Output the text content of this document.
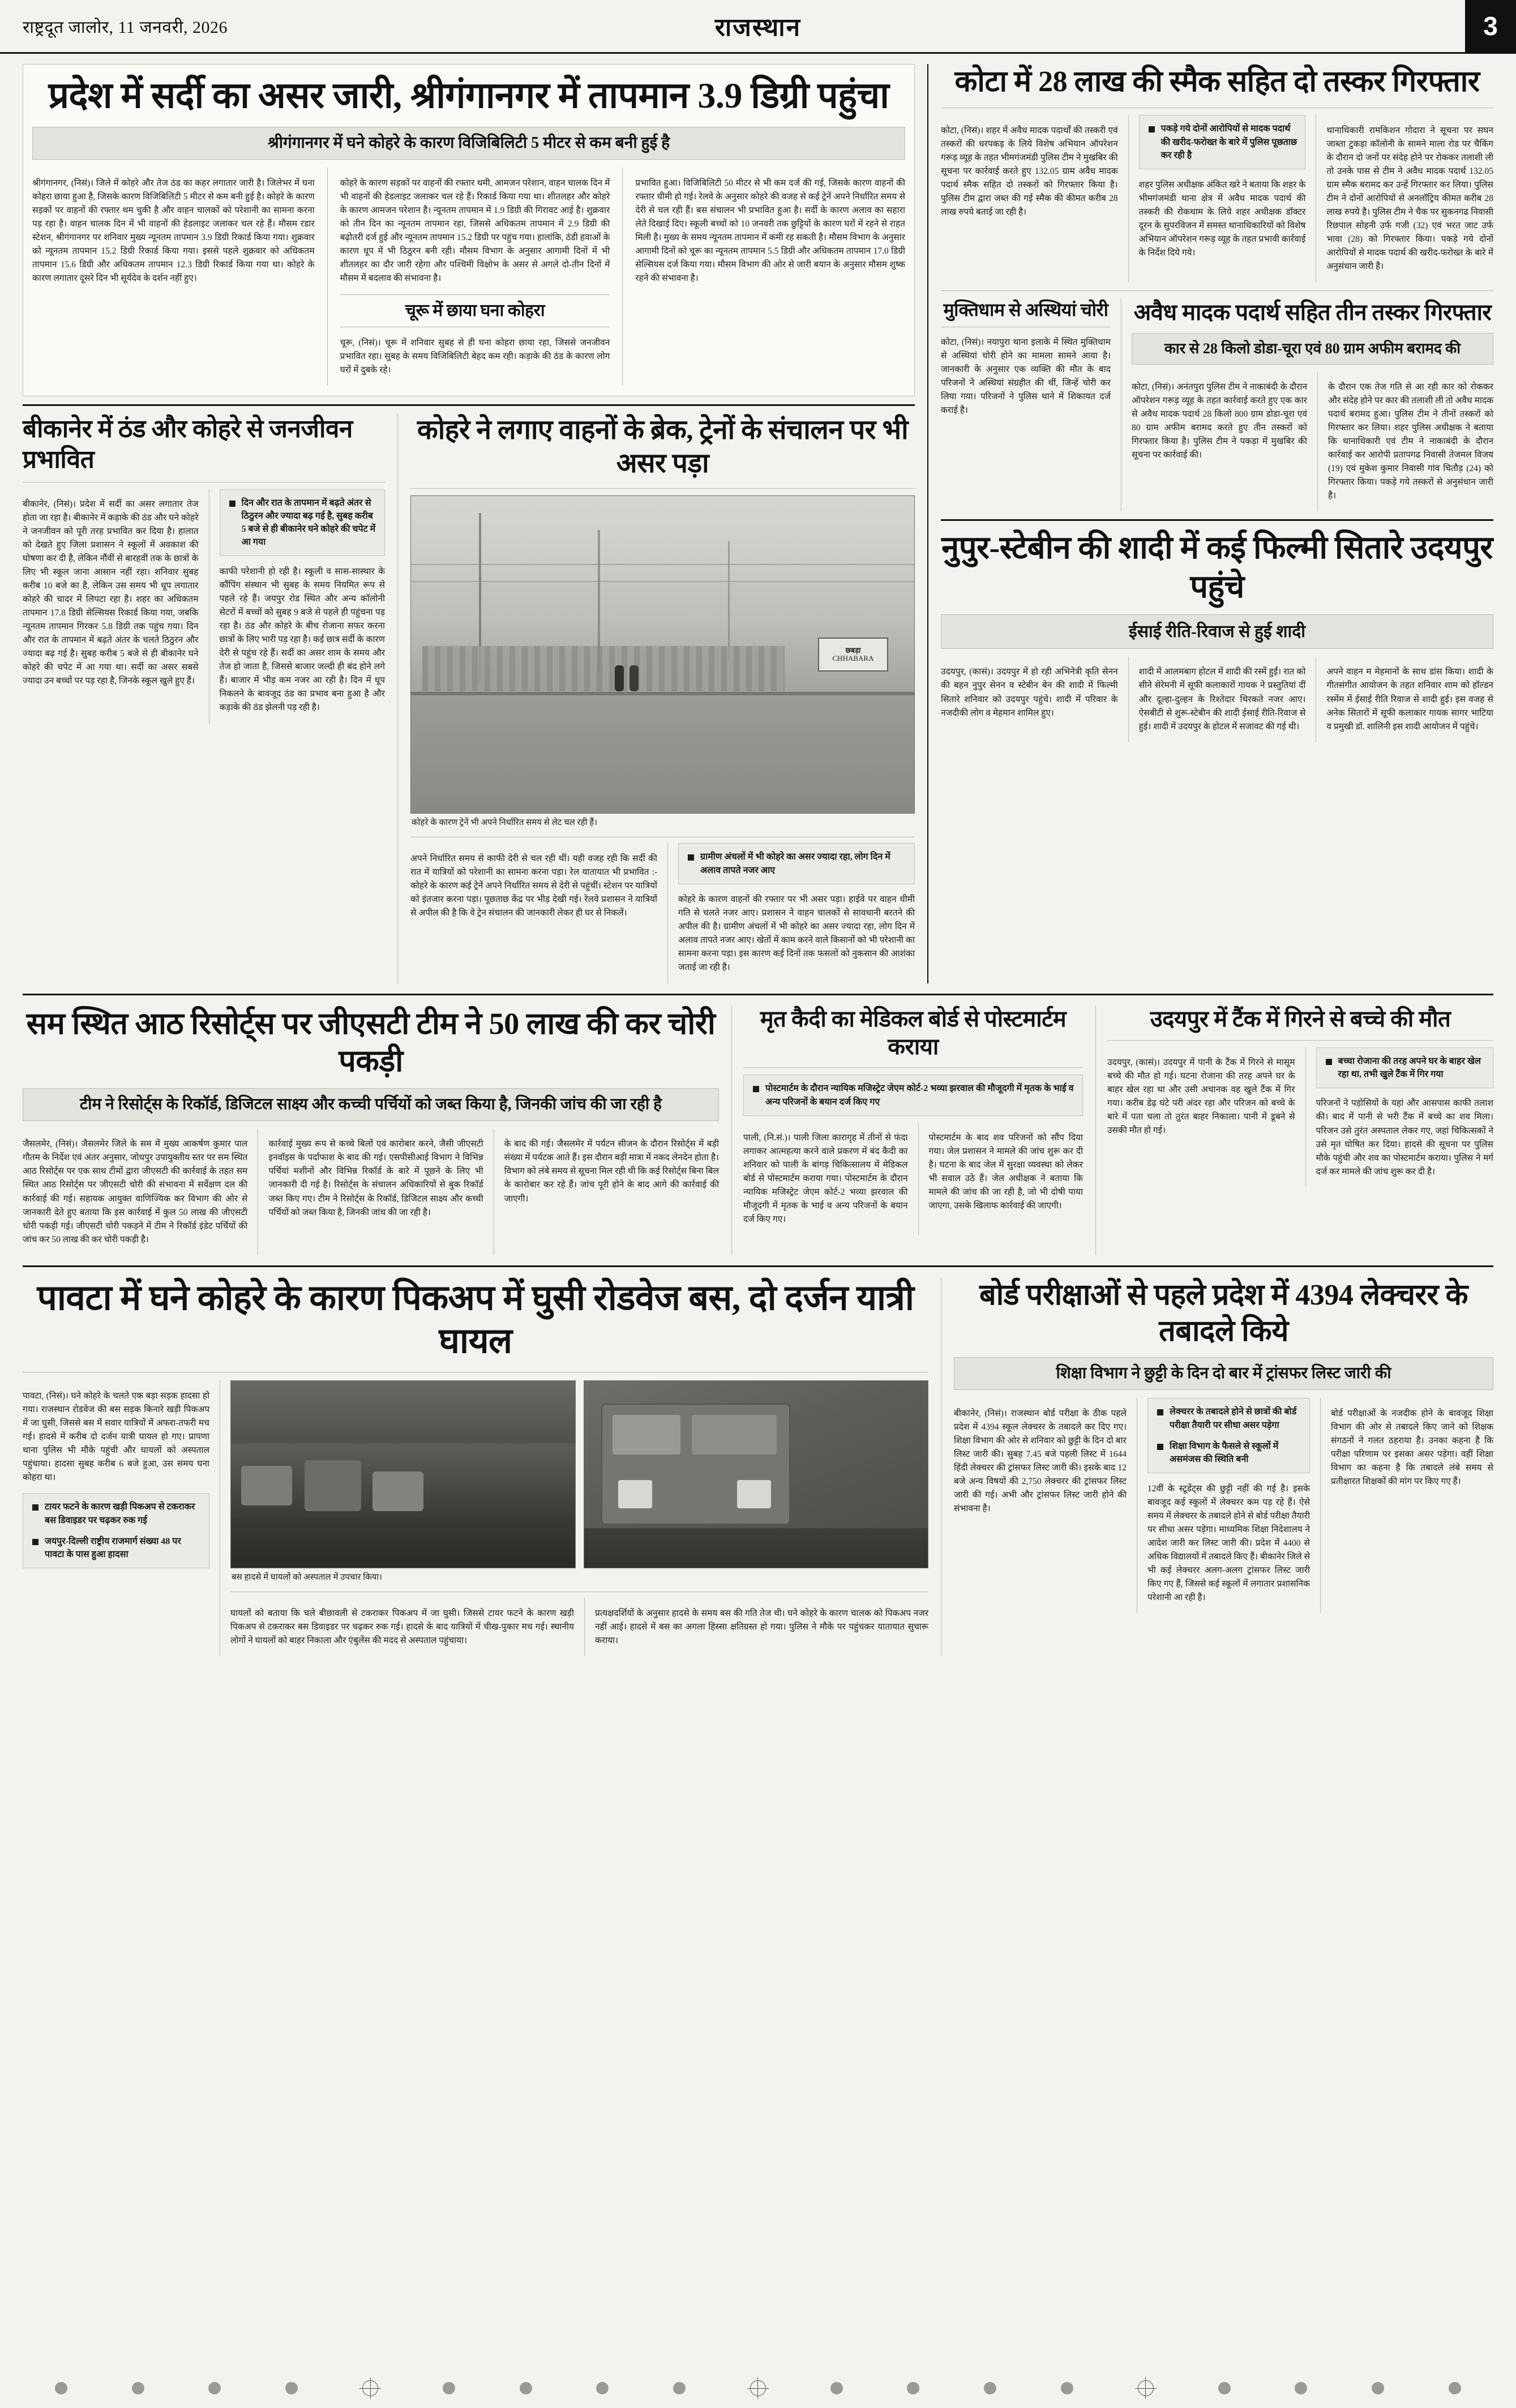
राष्ट्रदूत जालोर, 11 जनवरी, 2026	राजस्थान	3
प्रदेश में सर्दी का असर जारी, श्रीगंगानगर में तापमान 3.9 डिग्री पहुंचा
श्रीगंगानगर में घने कोहरे के कारण विजिबिलिटी 5 मीटर से कम बनी हुई है

श्रीगंगानगर, (निसं)। जिले में कोहरे और तेज ठंड का कहर लगातार जारी है। जिलेभर में घना कोहरा छाया हुआ है, जिसके कारण विजिबिलिटी 5 मीटर से कम बनी हुई है। कोहरे के कारण सड़कों पर वाहनों की रफ्तार थम चुकी है और वाहन चालकों को परेशानी का सामना करना पड़ रहा है। वाहन चालक दिन में भी वाहनों की हेडलाइट जलाकर चल रहे हैं। मौसम रडार स्टेशन, श्रीगंगानगर पर शनिवार मुख्य न्यूनतम तापमान 3.9 डिग्री रिकार्ड किया गया। शुक्रवार को न्यूनतम तापमान 15.2 डिग्री रिकार्ड किया गया। इससे पहले शुक्रवार को अधिकतम तापमान 15.6 डिग्री और अधिकतम तापमान 12.3 डिग्री रिकार्ड किया गया था। कोहरे के कारण लगातार दूसरे दिन भी सूर्यदेव के दर्शन नहीं हुए।

कोहरे के कारण सड़कों पर वाहनों की रफ्तार थमी, आमजन परेशान, वाहन चालक दिन में भी वाहनों की हेडलाइट जलाकर चल रहे हैं। रिकार्ड किया गया था। शीतलहर और कोहरे के कारण आमजन परेशान है। न्यूनतम तापमान में 1.9 डिग्री की गिरावट आई है। शुक्रवार को तीन दिन का न्यूनतम तापमान रहा, जिससे अधिकतम तापमान में 2.9 डिग्री की बढ़ोतरी दर्ज हुई और न्यूनतम तापमान 15.2 डिग्री पर पहुंच गया। हालांकि, ठंडी हवाओं के कारण धूप में भी ठिठुरन बनी रही। मौसम विभाग के अनुसार आगामी दिनों में भी शीतलहर का दौर जारी रहेगा और पश्चिमी विक्षोभ के असर से अगले दो-तीन दिनों में मौसम में बदलाव की संभावना है।

चूरू में छाया घना कोहरा

चूरू, (निसं)। चूरू में शनिवार सुबह से ही घना कोहरा छाया रहा, जिससे जनजीवन प्रभावित रहा। सुबह के समय विजिबिलिटी बेहद कम रही। कड़ाके की ठंड के कारण लोग घरों में दुबके रहे।

प्रभावित हुआ। विजिबिलिटी 50 मीटर से भी कम दर्ज की गई, जिसके कारण वाहनों की रफ्तार धीमी हो गई। रेलवे के अनुसार कोहरे की वजह से कई ट्रेनें अपने निर्धारित समय से देरी से चल रही हैं। बस संचालन भी प्रभावित हुआ है। सर्दी के कारण अलाव का सहारा लेते दिखाई दिए। स्कूली बच्चों को 10 जनवरी तक छुट्टियों के कारण घरों में रहने से राहत मिली है। मुख्य के समय न्यूनतम तापमान में कमी रह सकती है। मौसम विभाग के अनुसार आगामी दिनों को चूरू का न्यूनतम तापमान 5.5 डिग्री और अधिकतम तापमान 17.0 डिग्री सेल्सियस दर्ज किया गया। मौसम विभाग की ओर से जारी बयान के अनुसार मौसम शुष्क रहने की संभावना है।

बीकानेर में ठंड और कोहरे से जनजीवन प्रभावित

बीकानेर, (निसं)। प्रदेश में सर्दी का असर लगातार तेज होता जा रहा है। बीकानेर में कड़ाके की ठंड और घने कोहरे ने जनजीवन को पूरी तरह प्रभावित कर दिया है। हालात को देखते हुए जिला प्रशासन ने स्कूलों में अवकाश की घोषणा कर दी है, लेकिन नौंवीं से बारहवीं तक के छात्रों के लिए भी स्कूल जाना आसान नहीं रहा। शनिवार सुबह करीब 10 बजे का है, लेकिन उस समय भी धूप लगातार कोहरे की चादर में लिपटा रहा है। शहर का अधिकतम तापमान 17.8 डिग्री सेल्सियस रिकार्ड किया गया, जबकि न्यूनतम तापमान गिरकर 5.8 डिग्री तक पहुंच गया। दिन और रात के तापमान में बढ़ते अंतर के चलते ठिठुरन और ज्यादा बढ़ गई है। सुबह करीब 5 बजे से ही बीकानेर घने कोहरे की चपेट में आ गया था। सर्दी का असर सबसे ज्यादा उन बच्चों पर पड़ रहा है, जिनके स्कूल खुले हुए हैं।

दिन और रात के तापमान में बढ़ते अंतर से ठिठुरन और ज्यादा बढ़ गई है, सुबह करीब 5 बजे से ही बीकानेर घने कोहरे की चपेट में आ गया

काफी परेशानी हो रही है। स्कूली व सास-सास्थार के कौंपिंग संस्थान भी सुबह के समय नियमित रूप से पहले रहे हैं। जयपुर रोड स्थित और अन्य कॉलोनी सेटरों में बच्चों को सुबह 9 बजे से पहले ही पहुंचना पड़ रहा है। ठंड और कोहरे के बीच रोजाना सफर करना छात्रों के लिए भारी पड़ रहा है। कई छात्र सर्दी के कारण देरी से पहुंच रहे हैं। सर्दी का असर शाम के समय और तेज हो जाता है, जिससे बाजार जल्दी ही बंद होने लगे हैं। बाजार में भीड़ कम नजर आ रही है। दिन में धूप निकलने के बावजूद ठंड का प्रभाव बना हुआ है और कड़ाके की ठंड झेलनी पड़ रही है।

कोहरे ने लगाए वाहनों के ब्रेक, ट्रेनों के संचालन पर भी असर पड़ा
छबड़ा
CHHABARA
कोहरे के कारण ट्रेनें भी अपने निर्धारित समय से लेट चल रही हैं।

अपने निर्धारित समय से काफी देरी से चल रही थीं। यही वजह रही कि सर्दी की रात में यात्रियों को परेशानी का सामना करना पड़ा। रेल यातायात भी प्रभावित :- कोहरे के कारण कई ट्रेनें अपने निर्धारित समय से देरी से पहुंचीं। स्टेशन पर यात्रियों को इंतजार करना पड़ा। पूछताछ केंद्र पर भीड़ देखी गई। रेलवे प्रशासन ने यात्रियों से अपील की है कि वे ट्रेन संचालन की जानकारी लेकर ही घर से निकलें।

ग्रामीण अंचलों में भी कोहरे का असर ज्यादा रहा, लोग दिन में अलाव तापते नजर आए

कोहरे के कारण वाहनों की रफ्तार पर भी असर पड़ा। हाईवे पर वाहन धीमी गति से चलते नजर आए। प्रशासन ने वाहन चालकों से सावधानी बरतने की अपील की है। ग्रामीण अंचलों में भी कोहरे का असर ज्यादा रहा, लोग दिन में अलाव तापते नजर आए। खेतों में काम करने वाले किसानों को भी परेशानी का सामना करना पड़ा। इस कारण कई दिनों तक फसलों को नुकसान की आशंका जताई जा रही है।

कोटा में 28 लाख की स्मैक सहित दो तस्कर गिरफ्तार

कोटा, (निसं)। शहर में अवैध मादक पदार्थों की तस्करी एवं तस्करों की धरपकड़ के लिये विशेष अभियान ऑपरेशन गरूड़ व्यूह के तहत भीमगंजमंडी पुलिस टीम ने मुखबिर की सूचना पर कार्रवाई करते हुए 132.05 ग्राम अवैध मादक पदार्थ स्मैक सहित दो तस्करों को गिरफ्तार किया है। पुलिस टीम द्वारा जब्त की गई स्मैक की कीमत करीब 28 लाख रुपये बताई जा रही है।

पकड़े गये दोनों आरोपियों से मादक पदार्थ की खरीद-फरोख्त के बारे में पुलिस पूछताछ कर रही है

शहर पुलिस अधीक्षक अंकित खरे ने बताया कि शहर के भीमगंजमंडी थाना क्षेत्र में अवैध मादक पदार्थ की तस्करी की रोकथाम के लिये शहर अधीक्षक डॉक्टर दूरन के सुपरविजन में समस्त थानाधिकारियों को विशेष अभियान ऑपरेशन गरूड़ व्यूह के तहत प्रभावी कार्रवाई के निर्देश दिये गये।

थानाधिकारी रामकिशन गोदारा ने सूचना पर सघन जाब्ता टुकड़ा कॉलोनी के सामने माला रोड पर चैकिंग के दौरान दो जनों पर संदेह होने पर रोककर तलाशी ली तो उनके पास से टीम ने अवैध मादक पदार्थ 132.05 ग्राम स्मैक बरामद कर उन्हें गिरफ्तार कर लिया। पुलिस टीम ने दोनों आरोपियों से अनलॉट्रिय कीमत करीब 28 लाख रुपये है। पुलिस टीम ने चैक पर सुकनगढ निवासी रिछपाल सोहनी उर्फ गजी (32) एवं भरत जाट उर्फ भावा (28) को गिरफ्तार किया। पकड़े गये दोनों आरोपियों से मादक पदार्थ की खरीद-फरोख्त के बारे में अनुसंधान जारी है।

मुक्तिधाम से अस्थियां चोरी

कोटा, (निसं)। नयापुरा थाना इलाके में स्थित मुक्तिधाम से अस्थियां चोरी होने का मामला सामने आया है। जानकारी के अनुसार एक व्यक्ति की मौत के बाद परिजनों ने अस्थियां संग्रहीत की थीं, जिन्हें चोरी कर लिया गया। परिजनों ने पुलिस थाने में शिकायत दर्ज कराई है।

अवैध मादक पदार्थ सहित तीन तस्कर गिरफ्तार
कार से 28 किलो डोडा-चूरा एवं 80 ग्राम अफीम बरामद की

कोटा, (निसं)। अनंतपुरा पुलिस टीम ने नाकाबंदी के दौरान ऑपरेशन गरूड़ व्यूह के तहत कार्रवाई करते हुए एक कार से अवैध मादक पदार्थ 28 किलो 800 ग्राम डोडा-चूरा एवं 80 ग्राम अफीम बरामद करते हुए तीन तस्करों को गिरफ्तार किया है। पुलिस टीम ने पकड़ा में मुखबिर की सूचना पर कार्रवाई की।

के दौरान एक तेज गति से आ रही कार को रोककर और संदेह होने पर कार की तलाशी ली तो अवैध मादक पदार्थ बरामद हुआ। पुलिस टीम ने तीनों तस्करों को गिरफ्तार कर लिया। शहर पुलिस अधीक्षक ने बताया कि थानाधिकारी एवं टीम ने नाकाबंदी के दौरान कार्रवाई कर आरोपी प्रतापगढ निवासी तेजमल विजय (19) एवं मुकेश कुमार निवासी गांव चितौड़ (24) को गिरफ्तार किया। पकड़े गये तस्करों से अनुसंधान जारी है।

नुपुर-स्टेबीन की शादी में कई फिल्मी सितारे उदयपुर पहुंचे
ईसाई रीति-रिवाज से हुई शादी

उदयपुर, (कासं)। उदयपुर में हो रही अभिनेत्री कृति सेनन की बहन नुपुर सेनन व स्टेबीन बेन की शादी में फिल्मी सितारे शनिवार को उदयपुर पहुंचे। शादी में परिवार के नजदीकी लोग व मेहमान शामिल हुए।

शादी में आलमबाग होटल में शादी की रस्में हुईं। रात को सीनेे सेरेमनी में सूफी कलाकारों गायक ने प्रस्तुतियां दीं और दूल्हा-दुल्हन के रिश्तेदार थिरकते नजर आए। ऐसबीटी से शुरू-स्टेबीन की शादी ईसाई रीति-रिवाज से हुई। शादी में उदयपुर के होटल में सजावट की गई थी।

अपने वाहन म मेहमानों के साथ डांस किया। शादी के गीतसंगीत आयोजन के तहत शनिवार शाम को हॉल्डन रस्मेंम में ईसाई रीति रिवाज से शादी हुई। इस वजह से अनेक सितारों में सूफी कलाकार गायक सागर भाटिया व प्रमुखी डॉ. शालिनी इस शादी आयोजन में पहुंचे।

सम स्थित आठ रिसोर्ट्स पर जीएसटी टीम ने 50 लाख की कर चोरी पकड़ी
टीम ने रिसोर्ट्स के रिकॉर्ड, डिजिटल साक्ष्य और कच्ची पर्चियों को जब्त किया है, जिनकी जांच की जा रही है

जैसलमेर, (निसं)। जैसलमेर जिले के सम में मुख्य आकर्षण कुमार पाल गौतम के निर्देश एवं अंतर अनुसार, जोधपुर उपायुक्तीय स्तर पर सम स्थित आठ रिसोर्ट्स पर एक साथ टीमों द्वारा जीएसटी की कार्रवाई के तहत सम स्थित आठ रिसोर्ट्स पर जीएसटी चोरी की संभावना में सर्वेक्षण दल की कार्रवाई की गई। सहायक आयुक्त वाणिज्यिक कर विभाग की ओर से जानकारी देते हुए बताया कि इस कार्रवाई में कुल 50 लाख की जीएसटी चोरी पकड़ी गई। जीएसटी चोरी पकड़ने में टीम ने रिकॉर्ड इंडेट पर्चियों की जांच कर 50 लाख की कर चोरी पकड़ी है।

कार्रवाई मुख्य रूप से कच्चे बिलों एवं कारोबार करने, जैसी जीएसटी इनवॉइस के पर्दाफाश के बाद की गई। एसपीसीआई विभाग ने विभिन्न पर्चियां मशीनों और विभिन्न रिकॉर्ड के बारे में पूछने के लिए भी जानकारी दी गई है। रिसोर्ट्स के संचालन अधिकारियों से बुक रिकॉर्ड जब्त किए गए। टीम ने रिसोर्ट्स के रिकॉर्ड, डिजिटल साक्ष्य और कच्ची पर्चियों को जब्त किया है, जिनकी जांच की जा रही है।

के बाद की गई। जैसलमेर में पर्यटन सीजन के दौरान रिसोर्ट्स में बड़ी संख्या में पर्यटक आते हैं। इस दौरान बड़ी मात्रा में नकद लेनदेन होता है। विभाग को लंबे समय से सूचना मिल रही थी कि कई रिसोर्ट्स बिना बिल के कारोबार कर रहे हैं। जांच पूरी होने के बाद आगे की कार्रवाई की जाएगी।

मृत कैदी का मेडिकल बोर्ड से पोस्टमार्टम कराया
पोस्टमार्टम के दौरान न्यायिक मजिस्ट्रेट जेएम कोर्ट-2 भव्या झरवाल की मौजूदगी में मृतक के भाई व अन्य परिजनों के बयान दर्ज किए गए

पाली, (नि.सं.)। पाली जिला कारागृह में तीनों से फंदा लगाकर आत्महत्या करने वाले प्रकरण में बंद कैदी का शनिवार को पाली के बांगड़ चिकित्सालय में मेडिकल बोर्ड से पोस्टमार्टम कराया गया। पोस्टमार्टम के दौरान न्यायिक मजिस्ट्रेट जेएम कोर्ट-2 भव्या झरवाल की मौजूदगी में मृतक के भाई व अन्य परिजनों के बयान दर्ज किए गए।

पोस्टमार्टम के बाद शव परिजनों को सौंप दिया गया। जेल प्रशासन ने मामले की जांच शुरू कर दी है। घटना के बाद जेल में सुरक्षा व्यवस्था को लेकर भी सवाल उठे हैं। जेल अधीक्षक ने बताया कि मामले की जांच की जा रही है, जो भी दोषी पाया जाएगा, उसके खिलाफ कार्रवाई की जाएगी।

उदयपुर में टैंक में गिरने से बच्चे की मौत

उदयपुर, (कासं)। उदयपुर में पानी के टैंक में गिरने से मासूम बच्चे की मौत हो गई। घटना रोजाना की तरह अपने घर के बाहर खेल रहा था और उसी अचानक वह खुले टैंक में गिर गया। करीब डेढ़ घंटे परी अंदर रहा और परिजन को बच्चे के बारे में पता चला तो तुरंत बाहर निकाला। पानी में डूबने से उसकी मौत हो गई।

बच्चा रोजाना की तरह अपने घर के बाहर खेल रहा था, तभी खुले टैंक में गिर गया

परिजनों ने पड़ोसियों के यहां और आसपास काफी तलाश की। बाद में पानी से भरी टैंक में बच्चे का शव मिला। परिजन उसे तुरंत अस्पताल लेकर गए, जहां चिकित्सकों ने उसे मृत घोषित कर दिया। हादसे की सूचना पर पुलिस मौके पहुंची और शव का पोस्टमार्टम कराया। पुलिस ने मर्ग दर्ज कर मामले की जांच शुरू कर दी है।

पावटा में घने कोहरे के कारण पिकअप में घुसी रोडवेज बस, दो दर्जन यात्री घायल

पावटा, (निसं)। घने कोहरे के चलते एक बड़ा सड़क हादसा हो गया। राजस्थान रोडवेज की बस सड़क किनारे खड़ी पिकअप में जा घुसी, जिससे बस में सवार यात्रियों में अफरा-तफरी मच गई। हादसे में करीब दो दर्जन यात्री घायल हो गए। प्रापणा थाना पुलिस भी मौके पहुंची और घायलों को अस्पताल पहुंचाया। हादसा सुबह करीब 6 बजे हुआ, उस समय घना कोहरा था।

टायर फटने के कारण खड़ी पिकअप से टकराकर बस डिवाइडर पर चढ़कर रुक गई
जयपुर-दिल्ली राष्ट्रीय राजमार्ग संख्या 48 पर पावटा के पास हुआ हादसा
बस हादसे में घायलों को अस्पताल में उपचार किया।

घायलों को बताया कि चले बीछावली से टकराकर पिकअप में जा घुसी। जिससे टायर फटने के कारण खड़ी पिकअप से टकराकर बस डिवाइडर पर चढ़कर रुक गई। हादसे के बाद यात्रियों में चीख-पुकार मच गई। स्थानीय लोगों ने घायलों को बाहर निकाला और एंबुलेंस की मदद से अस्पताल पहुंचाया।

प्रत्यक्षदर्शियों के अनुसार हादसे के समय बस की गति तेज थी। घने कोहरे के कारण चालक को पिकअप नजर नहीं आई। हादसे में बस का अगला हिस्सा क्षतिग्रस्त हो गया। पुलिस ने मौके पर पहुंचकर यातायात सुचारू कराया।

बोर्ड परीक्षाओं से पहले प्रदेश में 4394 लेक्चरर के तबादले किये
शिक्षा विभाग ने छुट्टी के दिन दो बार में ट्रांसफर लिस्ट जारी की

बीकानेर, (निसं)। राजस्थान बोर्ड परीक्षा के ठीक पहले प्रदेश में 4394 स्कूल लेक्चरर के तबादले कर दिए गए। शिक्षा विभाग की ओर से शनिवार को छुट्टी के दिन दो बार लिस्ट जारी की। सुबह 7.45 बजे पहली लिस्ट में 1644 हिंदी लेक्चरर की ट्रांसफर लिस्ट जारी की। इसके बाद 12 बजे अन्य विषयों की 2,750 लेक्चरर की ट्रांसफर लिस्ट जारी की गई। अभी और ट्रांसफर लिस्ट जारी होने की संभावना है।

लेक्चरर के तबादले होने से छात्रों की बोर्ड परीक्षा तैयारी पर सीधा असर पड़ेगा
शिक्षा विभाग के फैसले से स्कूलों में असमंजस की स्थिति बनी

12वीं के स्टूडेंट्स की छुट्टी नहीं की गई है। इसके बावजूद कई स्कूलों में लेक्चरर कम पड़ रहे हैं। ऐसे समय में लेक्चरर के तबादले होने से बोर्ड परीक्षा तैयारी पर सीधा असर पड़ेगा। माध्यमिक शिक्षा निदेशालय ने आदेश जारी कर लिस्ट जारी की। प्रदेश में 4400 से अधिक विद्यालयों में तबादले किए हैं। बीकानेर जिले से भी कई लेक्चरर अलग-अलग ट्रांसफर लिस्ट जारी किए गए हैं, जिससे कई स्कूलों में लगातार प्रशासनिक परेशानी आ रही है।

बोर्ड परीक्षाओं के नजदीक होने के बावजूद शिक्षा विभाग की ओर से तबादले किए जाने को शिक्षक संगठनों ने गलत ठहराया है। उनका कहना है कि परीक्षा परिणाम पर इसका असर पड़ेगा। वहीं शिक्षा विभाग का कहना है कि तबादले लंबे समय से प्रतीक्षारत शिक्षकों की मांग पर किए गए हैं।
